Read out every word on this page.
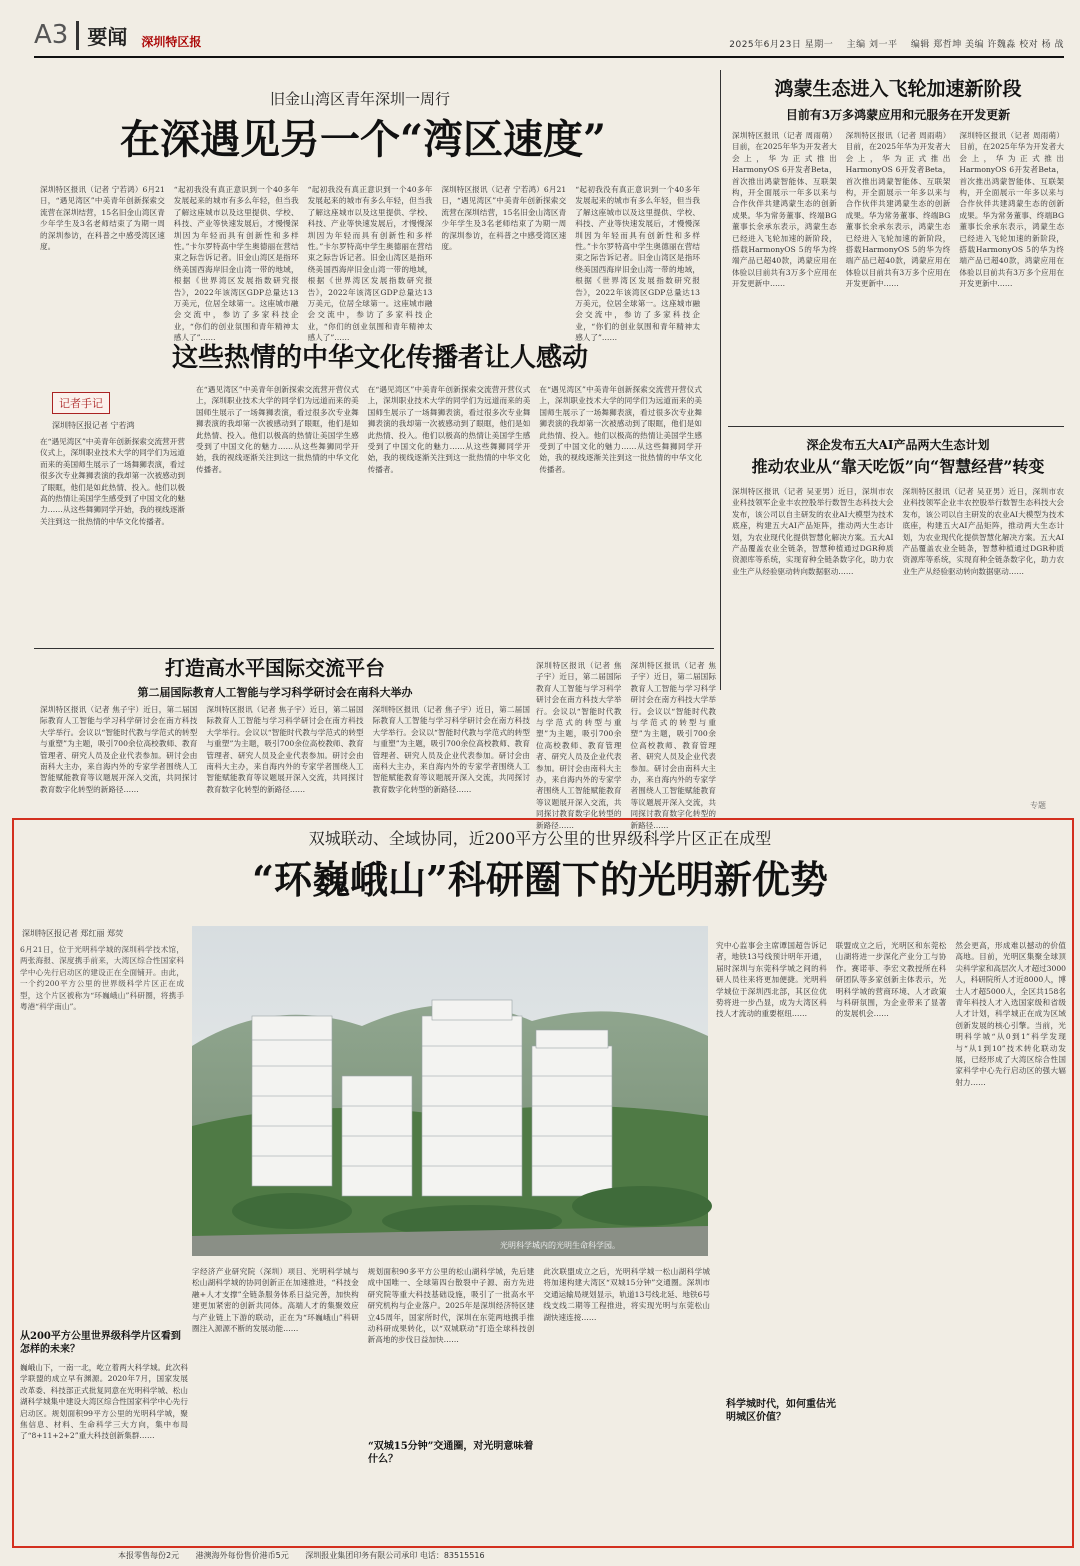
A3 要闻 深圳特区报	2025年6月23日 星期一 主编 刘一平 编辑 郑哲坤 美编 许魏淼 校对 杨 战
旧金山湾区青年深圳一周行
在深遇见另一个“湾区速度”
深圳特区报讯（记者 宁若鸿）6月21日，“遇见湾区”中美青年创新探索交流营在深圳结营，15名旧金山湾区青少年学生及3名老师结束了为期一周的深圳参访，在科普之中感受湾区速度。
“起初我没有真正意识到一个40多年发展起来的城市有多么年轻，但当我了解这座城市以及这里提供、学校、科技、产业等快速发展后，才慢慢深圳因为年轻而具有创新性和多样性。”卡尔罗特高中学生奥德丽在营结束之际告诉记者。旧金山湾区是指环绕美国西海岸旧金山湾一带的地域，根据《世界湾区发展指数研究报告》，2022年该湾区GDP总量达13万美元，位居全球第一。这座城市融会交流中，参访了多家科技企业，“你们的创业氛围和青年精神太感人了”……
“起初我没有真正意识到一个40多年发展起来的城市有多么年轻，但当我了解这座城市以及这里提供、学校、科技、产业等快速发展后，才慢慢深圳因为年轻而具有创新性和多样性。”卡尔罗特高中学生奥德丽在营结束之际告诉记者。旧金山湾区是指环绕美国西海岸旧金山湾一带的地域，根据《世界湾区发展指数研究报告》，2022年该湾区GDP总量达13万美元，位居全球第一。这座城市融会交流中，参访了多家科技企业，“你们的创业氛围和青年精神太感人了”……
深圳特区报讯（记者 宁若鸿）6月21日，“遇见湾区”中美青年创新探索交流营在深圳结营，15名旧金山湾区青少年学生及3名老师结束了为期一周的深圳参访，在科普之中感受湾区速度。
“起初我没有真正意识到一个40多年发展起来的城市有多么年轻，但当我了解这座城市以及这里提供、学校、科技、产业等快速发展后，才慢慢深圳因为年轻而具有创新性和多样性。”卡尔罗特高中学生奥德丽在营结束之际告诉记者。旧金山湾区是指环绕美国西海岸旧金山湾一带的地域，根据《世界湾区发展指数研究报告》，2022年该湾区GDP总量达13万美元，位居全球第一。这座城市融会交流中，参访了多家科技企业，“你们的创业氛围和青年精神太感人了”……
鸿蒙生态进入飞轮加速新阶段
目前有3万多鸿蒙应用和元服务在开发更新
深圳特区报讯（记者 周雨萌）目前，在2025年华为开发者大会上，华为正式推出HarmonyOS 6开发者Beta，首次推出鸿蒙智能体、互联架构，开全面展示一年多以来与合作伙伴共建鸿蒙生态的创新成果。华为常务董事、终端BG董事长余承东表示，鸿蒙生态已经进入飞轮加速的新阶段，搭载HarmonyOS 5的华为终端产品已超40款，鸿蒙应用在体验以目前共有3万多个应用在开发更新中……
深圳特区报讯（记者 周雨萌）目前，在2025年华为开发者大会上，华为正式推出HarmonyOS 6开发者Beta，首次推出鸿蒙智能体、互联架构，开全面展示一年多以来与合作伙伴共建鸿蒙生态的创新成果。华为常务董事、终端BG董事长余承东表示，鸿蒙生态已经进入飞轮加速的新阶段，搭载HarmonyOS 5的华为终端产品已超40款，鸿蒙应用在体验以目前共有3万多个应用在开发更新中……
深圳特区报讯（记者 周雨萌）目前，在2025年华为开发者大会上，华为正式推出HarmonyOS 6开发者Beta，首次推出鸿蒙智能体、互联架构，开全面展示一年多以来与合作伙伴共建鸿蒙生态的创新成果。华为常务董事、终端BG董事长余承东表示，鸿蒙生态已经进入飞轮加速的新阶段，搭载HarmonyOS 5的华为终端产品已超40款，鸿蒙应用在体验以目前共有3万多个应用在开发更新中……
这些热情的中华文化传播者让人感动
记者手记
深圳特区报记者 宁若鸿
在“遇见湾区”中美青年创新探索交流营开营仪式上，深圳职业技术大学的同学们为远道而来的美国师生展示了一场舞狮表演，看过很多次专业舞狮表演的我却第一次被感动到了眼眶，他们是如此热情、投入。他们以极高的热情让美国学生感受到了中国文化的魅力……从这些舞狮同学开始，我的视线逐渐关注到这一批热情的中华文化传播者。
在“遇见湾区”中美青年创新探索交流营开营仪式上，深圳职业技术大学的同学们为远道而来的美国师生展示了一场舞狮表演，看过很多次专业舞狮表演的我却第一次被感动到了眼眶，他们是如此热情、投入。他们以极高的热情让美国学生感受到了中国文化的魅力……从这些舞狮同学开始，我的视线逐渐关注到这一批热情的中华文化传播者。
在“遇见湾区”中美青年创新探索交流营开营仪式上，深圳职业技术大学的同学们为远道而来的美国师生展示了一场舞狮表演，看过很多次专业舞狮表演的我却第一次被感动到了眼眶，他们是如此热情、投入。他们以极高的热情让美国学生感受到了中国文化的魅力……从这些舞狮同学开始，我的视线逐渐关注到这一批热情的中华文化传播者。
在“遇见湾区”中美青年创新探索交流营开营仪式上，深圳职业技术大学的同学们为远道而来的美国师生展示了一场舞狮表演，看过很多次专业舞狮表演的我却第一次被感动到了眼眶，他们是如此热情、投入。他们以极高的热情让美国学生感受到了中国文化的魅力……从这些舞狮同学开始，我的视线逐渐关注到这一批热情的中华文化传播者。
深企发布五大AI产品两大生态计划
推动农业从“靠天吃饭”向“智慧经营”转变
深圳特区报讯（记者 吴亚男）近日，深圳市农业科技领军企业丰农控股举行数智生态科技大会发布，该公司以自主研发的农业AI大模型为技术底座，构建五大AI产品矩阵，推动两大生态计划，为农业现代化提供智慧化解决方案。五大AI产品覆盖农业全链条，智慧种植通过DGR种质资源库等系统，实现育种全链条数字化，助力农业生产从经验驱动转向数据驱动……
深圳特区报讯（记者 吴亚男）近日，深圳市农业科技领军企业丰农控股举行数智生态科技大会发布，该公司以自主研发的农业AI大模型为技术底座，构建五大AI产品矩阵，推动两大生态计划，为农业现代化提供智慧化解决方案。五大AI产品覆盖农业全链条，智慧种植通过DGR种质资源库等系统，实现育种全链条数字化，助力农业生产从经验驱动转向数据驱动……
打造高水平国际交流平台
第二届国际教育人工智能与学习科学研讨会在南科大举办
深圳特区报讯（记者 焦子宇）近日，第二届国际教育人工智能与学习科学研讨会在南方科技大学举行。会议以“智能时代教与学范式的转型与重塑”为主题，吸引700余位高校教师、教育管理者、研究人员及企业代表参加。研讨会由南科大主办，来自海内外的专家学者围绕人工智能赋能教育等议题展开深入交流，共同探讨教育数字化转型的新路径……
深圳特区报讯（记者 焦子宇）近日，第二届国际教育人工智能与学习科学研讨会在南方科技大学举行。会议以“智能时代教与学范式的转型与重塑”为主题，吸引700余位高校教师、教育管理者、研究人员及企业代表参加。研讨会由南科大主办，来自海内外的专家学者围绕人工智能赋能教育等议题展开深入交流，共同探讨教育数字化转型的新路径……
深圳特区报讯（记者 焦子宇）近日，第二届国际教育人工智能与学习科学研讨会在南方科技大学举行。会议以“智能时代教与学范式的转型与重塑”为主题，吸引700余位高校教师、教育管理者、研究人员及企业代表参加。研讨会由南科大主办，来自海内外的专家学者围绕人工智能赋能教育等议题展开深入交流，共同探讨教育数字化转型的新路径……
深圳特区报讯（记者 焦子宇）近日，第二届国际教育人工智能与学习科学研讨会在南方科技大学举行。会议以“智能时代教与学范式的转型与重塑”为主题，吸引700余位高校教师、教育管理者、研究人员及企业代表参加。研讨会由南科大主办，来自海内外的专家学者围绕人工智能赋能教育等议题展开深入交流，共同探讨教育数字化转型的新路径……
深圳特区报讯（记者 焦子宇）近日，第二届国际教育人工智能与学习科学研讨会在南方科技大学举行。会议以“智能时代教与学范式的转型与重塑”为主题，吸引700余位高校教师、教育管理者、研究人员及企业代表参加。研讨会由南科大主办，来自海内外的专家学者围绕人工智能赋能教育等议题展开深入交流，共同探讨教育数字化转型的新路径……
专题
双城联动、全域协同，近200平方公里的世界级科学片区正在成型
“环巍峨山”科研圈下的光明新优势
深圳特区报记者 郑红丽 郑荧
6月21日，位于光明科学城的深圳科学技术馆，两张海报、深度携手前来，大湾区综合性国家科学中心先行启动区的建设正在全面铺开。由此，一个约200平方公里的世界级科学片区正在成型，这个片区被称为“环巍峨山”科研圈，将携手粤港“科学南山”。
光明科学城内的光明生命科学园。
究中心监事会主席谭国超告诉记者，地铁13号线预计明年开通，届时深圳与东莞科学城之间的科研人员往来将更加便捷。光明科学城位于深圳西北部，其区位优势将进一步凸显，成为大湾区科技人才流动的重要枢纽……
联盟成立之后，光明区和东莞松山湖将进一步深化产业分工与协作。赛诺菲、李宏文教授所在科研团队等多家创新主体表示，光明科学城的营商环境、人才政策与科研氛围，为企业带来了显著的发展机会……
然会更高，形成难以撼动的价值高地。目前，光明区集聚全球顶尖科学家和高层次人才超过3000人，科研院所人才近8000人，博士人才超5000人，全区共158名青年科技人才入选国家级和省级人才计划，科学城正在成为区域创新发展的核心引擎。当前，光明科学城“从0到1”科学发现与“从1到10”技术转化联动发展，已经形成了大湾区综合性国家科学中心先行启动区的强大辐射力……
从200平方公里世界级科学片区看到怎样的未来？
巍峨山下，一南一北，屹立着两大科学城。此次科学联盟的成立早有渊源。2020年7月，国家发展改革委、科技部正式批复同意在光明科学城、松山湖科学城集中建设大湾区综合性国家科学中心先行启动区。规划面积99平方公里的光明科学城，聚焦信息、材料、生命科学三大方向，集中布局了“8+11+2+2”重大科技创新集群……
字经济产业研究院（深圳）项目、光明科学城与松山湖科学城的协同创新正在加速推进，“科技金融+人才支撑”全链条服务体系日益完善，加快构建更加紧密的创新共同体。高端人才的集聚效应与产业链上下游的联动，正在为“环巍峨山”科研圈注入源源不断的发展动能……
规划面积90多平方公里的松山湖科学城，先后建成中国唯一、全球第四台散裂中子源、南方先进研究院等重大科技基础设施，吸引了一批高水平研究机构与企业落户。2025年是深圳经济特区建立45周年，国家所时代，深圳在东莞两地携手推动科研成果转化，以“双城联动”打造全球科技创新高地的步伐日益加快……
此次联盟成立之后，光明科学城一松山湖科学城将加速构建大湾区“双城15分钟”交通圈。深圳市交通运输局规划显示，轨道13号线北延、地铁6号线支线二期等工程推进，将实现光明与东莞松山湖快速连接……
“双城15分钟”交通圈，对光明意味着什么？
科学城时代，如何重估光明城区价值？
本报零售每份2元 港澳海外每份售价港币5元 深圳报业集团印务有限公司承印 电话：83515516
